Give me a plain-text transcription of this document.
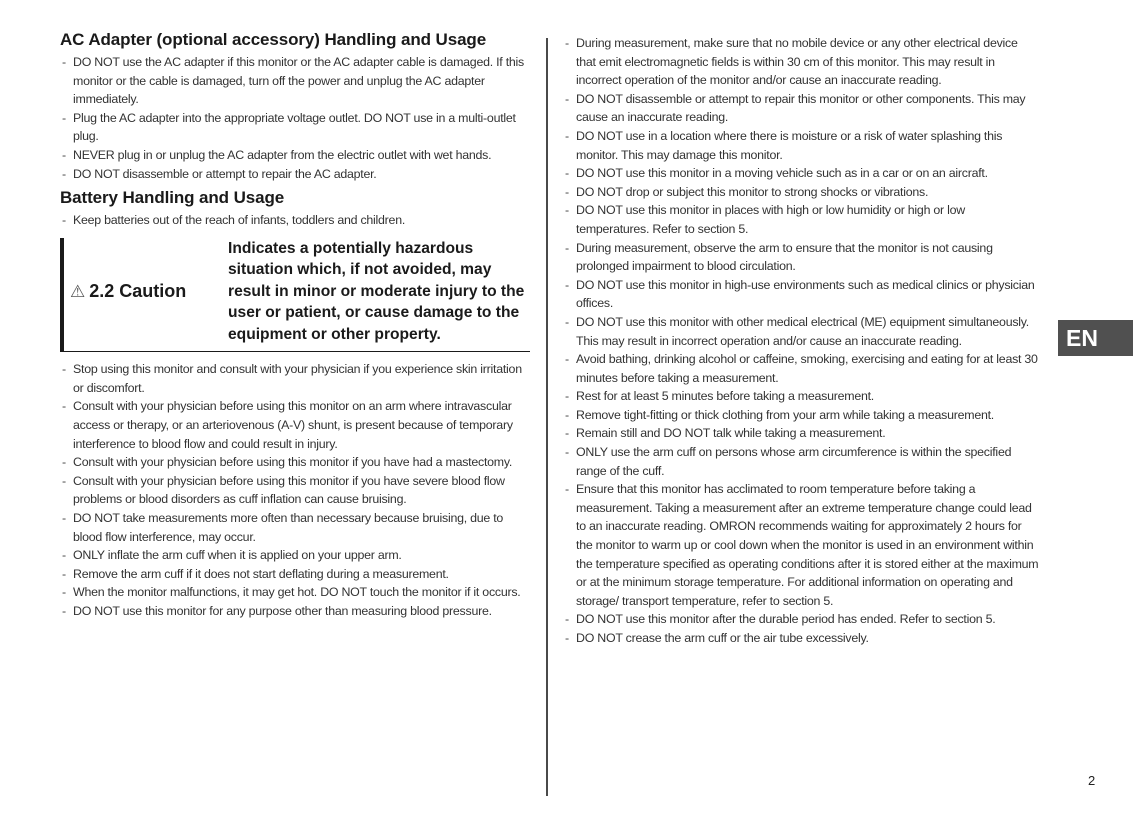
AC Adapter (optional accessory) Handling and Usage
- DO NOT use the AC adapter if this monitor or the AC adapter cable is damaged. If this monitor or the cable is damaged, turn off the power and unplug the AC adapter immediately.
- Plug the AC adapter into the appropriate voltage outlet. DO NOT use in a multi-outlet plug.
- NEVER plug in or unplug the AC adapter from the electric outlet with wet hands.
- DO NOT disassemble or attempt to repair the AC adapter.
Battery Handling and Usage
- Keep batteries out of the reach of infants, toddlers and children.
⚠ 2.2 Caution
Indicates a potentially hazardous situation which, if not avoided, may result in minor or moderate injury to the user or patient, or cause damage to the equipment or other property.
- Stop using this monitor and consult with your physician if you experience skin irritation or discomfort.
- Consult with your physician before using this monitor on an arm where intravascular access or therapy, or an arteriovenous (A-V) shunt, is present because of temporary interference to blood flow and could result in injury.
- Consult with your physician before using this monitor if you have had a mastectomy.
- Consult with your physician before using this monitor if you have severe blood flow problems or blood disorders as cuff inflation can cause bruising.
- DO NOT take measurements more often than necessary because bruising, due to blood flow interference, may occur.
- ONLY inflate the arm cuff when it is applied on your upper arm.
- Remove the arm cuff if it does not start deflating during a measurement.
- When the monitor malfunctions, it may get hot. DO NOT touch the monitor if it occurs.
- DO NOT use this monitor for any purpose other than measuring blood pressure.
- During measurement, make sure that no mobile device or any other electrical device that emit electromagnetic fields is within 30 cm of this monitor. This may result in incorrect operation of the monitor and/or cause an inaccurate reading.
- DO NOT disassemble or attempt to repair this monitor or other components. This may cause an inaccurate reading.
- DO NOT use in a location where there is moisture or a risk of water splashing this monitor. This may damage this monitor.
- DO NOT use this monitor in a moving vehicle such as in a car or on an aircraft.
- DO NOT drop or subject this monitor to strong shocks or vibrations.
- DO NOT use this monitor in places with high or low humidity or high or low temperatures. Refer to section 5.
- During measurement, observe the arm to ensure that the monitor is not causing prolonged impairment to blood circulation.
- DO NOT use this monitor in high-use environments such as medical clinics or physician offices.
- DO NOT use this monitor with other medical electrical (ME) equipment simultaneously. This may result in incorrect operation and/or cause an inaccurate reading.
- Avoid bathing, drinking alcohol or caffeine, smoking, exercising and eating for at least 30 minutes before taking a measurement.
- Rest for at least 5 minutes before taking a measurement.
- Remove tight-fitting or thick clothing from your arm while taking a measurement.
- Remain still and DO NOT talk while taking a measurement.
- ONLY use the arm cuff on persons whose arm circumference is within the specified range of the cuff.
- Ensure that this monitor has acclimated to room temperature before taking a measurement. Taking a measurement after an extreme temperature change could lead to an inaccurate reading. OMRON recommends waiting for approximately 2 hours for the monitor to warm up or cool down when the monitor is used in an environment within the temperature specified as operating conditions after it is stored either at the maximum or at the minimum storage temperature. For additional information on operating and storage/ transport temperature, refer to section 5.
- DO NOT use this monitor after the durable period has ended. Refer to section 5.
- DO NOT crease the arm cuff or the air tube excessively.
EN
2
